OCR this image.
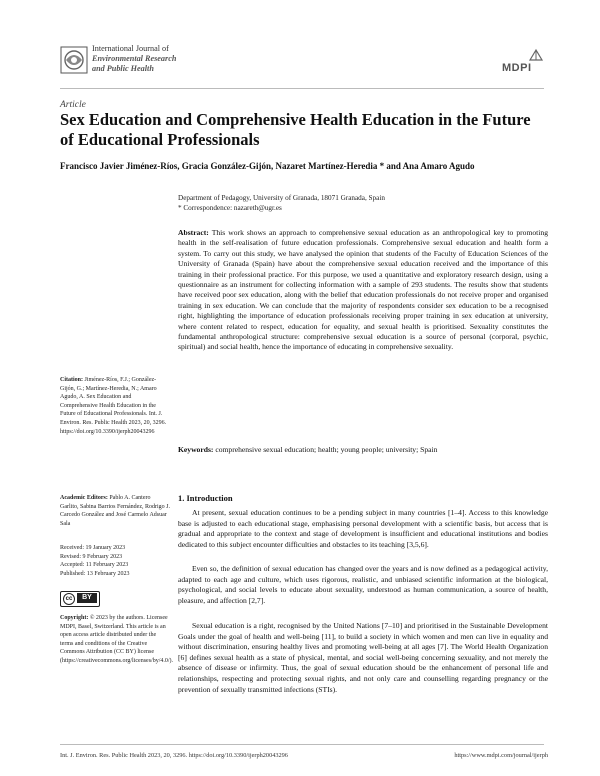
International Journal of
Environmental Research
and Public Health	MDPI
Article
Sex Education and Comprehensive Health Education in the Future of Educational Professionals
Francisco Javier Jiménez-Ríos, Gracia González-Gijón, Nazaret Martínez-Heredia * and Ana Amaro Agudo
Department of Pedagogy, University of Granada, 18071 Granada, Spain
* Correspondence: nazareth@ugr.es
Abstract: This work shows an approach to comprehensive sexual education as an anthropological key to promoting health in the self-realisation of future education professionals. Comprehensive sexual education and health form a system. To carry out this study, we have analysed the opinion that students of the Faculty of Education Sciences of the University of Granada (Spain) have about the comprehensive sexual education received and the importance of this training in their professional practice. For this purpose, we used a quantitative and exploratory research design, using a questionnaire as an instrument for collecting information with a sample of 293 students. The results show that students have received poor sex education, along with the belief that education professionals do not receive proper and organised training in sex education. We can conclude that the majority of respondents consider sex education to be a recognised right, highlighting the importance of education professionals receiving proper training in sex education at university, where content related to respect, education for equality, and sexual health is prioritised. Sexuality constitutes the fundamental anthropological structure: comprehensive sexual education is a source of personal (corporal, psychic, spiritual) and social health, hence the importance of educating in comprehensive sexuality.
Keywords: comprehensive sexual education; health; young people; university; Spain
Citation: Jiménez-Ríos, F.J.; González-Gijón, G.; Martínez-Heredia, N.; Amaro Agudo, A. Sex Education and Comprehensive Health Education in the Future of Educational Professionals. Int. J. Environ. Res. Public Health 2023, 20, 3296. https://doi.org/10.3390/ijerph20043296
Academic Editors: Pablo A. Cantero Garlito, Sabina Barrios Fernández, Rodrigo J. Carcedo González and José Carmelo Adsuar Sala
Received: 19 January 2023
Revised: 9 February 2023
Accepted: 11 February 2023
Published: 13 February 2023
cc	BY
Copyright: © 2023 by the authors. Licensee MDPI, Basel, Switzerland. This article is an open access article distributed under the terms and conditions of the Creative Commons Attribution (CC BY) license (https://creativecommons.org/licenses/by/4.0/).
1. Introduction
At present, sexual education continues to be a pending subject in many countries [1–4]. Access to this knowledge base is adjusted to each educational stage, emphasising personal development with a scientific basis, but access that is gradual and appropriate to the context and stage of development is insufficient and educational institutions and bodies dedicated to this subject encounter difficulties and obstacles to its teaching [3,5,6].
Even so, the definition of sexual education has changed over the years and is now defined as a pedagogical activity, adapted to each age and culture, which uses rigorous, realistic, and unbiased scientific information at the biological, psychological, and social levels to educate about sexuality, understood as human communication, a source of health, pleasure, and affection [2,7].
Sexual education is a right, recognised by the United Nations [7–10] and prioritised in the Sustainable Development Goals under the goal of health and well-being [11], to build a society in which women and men can live in equality and without discrimination, ensuring healthy lives and promoting well-being at all ages [7]. The World Health Organization [6] defines sexual health as a state of physical, mental, and social well-being concerning sexuality, and not merely the absence of disease or infirmity. Thus, the goal of sexual education should be the enhancement of personal life and relationships, respecting and protecting sexual rights, and not only care and counselling regarding pregnancy or the prevention of sexually transmitted infections (STIs).
Int. J. Environ. Res. Public Health 2023, 20, 3296. https://doi.org/10.3390/ijerph20043296	https://www.mdpi.com/journal/ijerph
